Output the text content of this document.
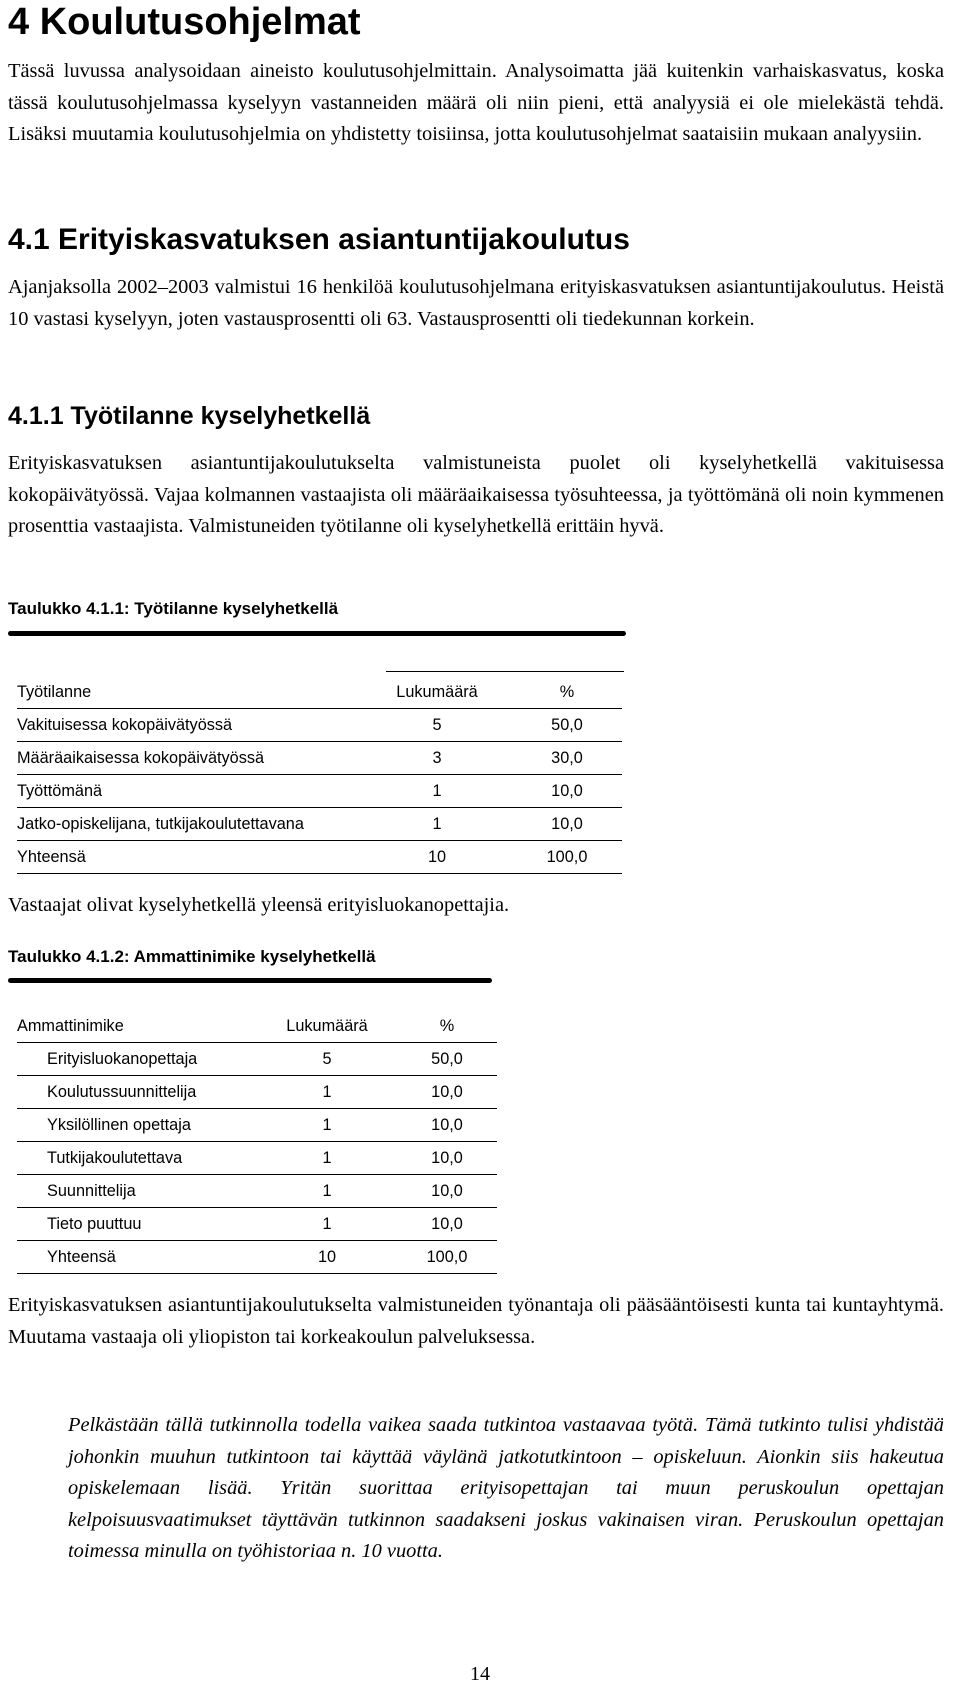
4 Koulutusohjelmat

Tässä luvussa analysoidaan aineisto koulutusohjelmittain. Analysoimatta jää kuitenkin varhaiskasvatus, koska tässä koulutusohjelmassa kyselyyn vastanneiden määrä oli niin pieni, että analyysiä ei ole mielekästä tehdä. Lisäksi muutamia koulutusohjelmia on yhdistetty toisiinsa, jotta koulutusohjelmat saataisiin mukaan analyysiin.

4.1 Erityiskasvatuksen asiantuntijakoulutus

Ajanjaksolla 2002–2003 valmistui 16 henkilöä koulutusohjelmana erityiskasvatuksen asiantuntijakoulutus. Heistä 10 vastasi kyselyyn, joten vastausprosentti oli 63. Vastausprosentti oli tiedekunnan korkein.

4.1.1 Työtilanne kyselyhetkellä

Erityiskasvatuksen asiantuntijakoulutukselta valmistuneista puolet oli kyselyhetkellä vakituisessa kokopäivätyössä. Vajaa kolmannen vastaajista oli määräaikaisessa työsuhteessa, ja työttömänä oli noin kymmenen prosenttia vastaajista. Valmistuneiden työtilanne oli kyselyhetkellä erittäin hyvä.

Taulukko 4.1.1: Työtilanne kyselyhetkellä

Työtilanne	Lukumäärä	%
Vakituisessa kokopäivätyössä	5	50,0
Määräaikaisessa kokopäivätyössä	3	30,0
Työttömänä	1	10,0
Jatko-opiskelijana, tutkijakoulutettavana	1	10,0
Yhteensä	10	100,0

Vastaajat olivat kyselyhetkellä yleensä erityisluokanopettajia.

Taulukko 4.1.2: Ammattinimike kyselyhetkellä

Ammattinimike	Lukumäärä	%
Erityisluokanopettaja	5	50,0
Koulutussuunnittelija	1	10,0
Yksilöllinen opettaja	1	10,0
Tutkijakoulutettava	1	10,0
Suunnittelija	1	10,0
Tieto puuttuu	1	10,0
Yhteensä	10	100,0

Erityiskasvatuksen asiantuntijakoulutukselta valmistuneiden työnantaja oli pääsääntöisesti kunta tai kuntayhtymä. Muutama vastaaja oli yliopiston tai korkeakoulun palveluksessa.

Pelkästään tällä tutkinnolla todella vaikea saada tutkintoa vastaavaa työtä. Tämä tutkinto tulisi yhdistää johonkin muuhun tutkintoon tai käyttää väylänä jatkotutkintoon – opiskeluun. Aionkin siis hakeutua opiskelemaan lisää. Yritän suorittaa erityisopettajan tai muun peruskoulun opettajan kelpoisuusvaatimukset täyttävän tutkinnon saadakseni joskus vakinaisen viran. Peruskoulun opettajan toimessa minulla on työhistoriaa n. 10 vuotta.

14
